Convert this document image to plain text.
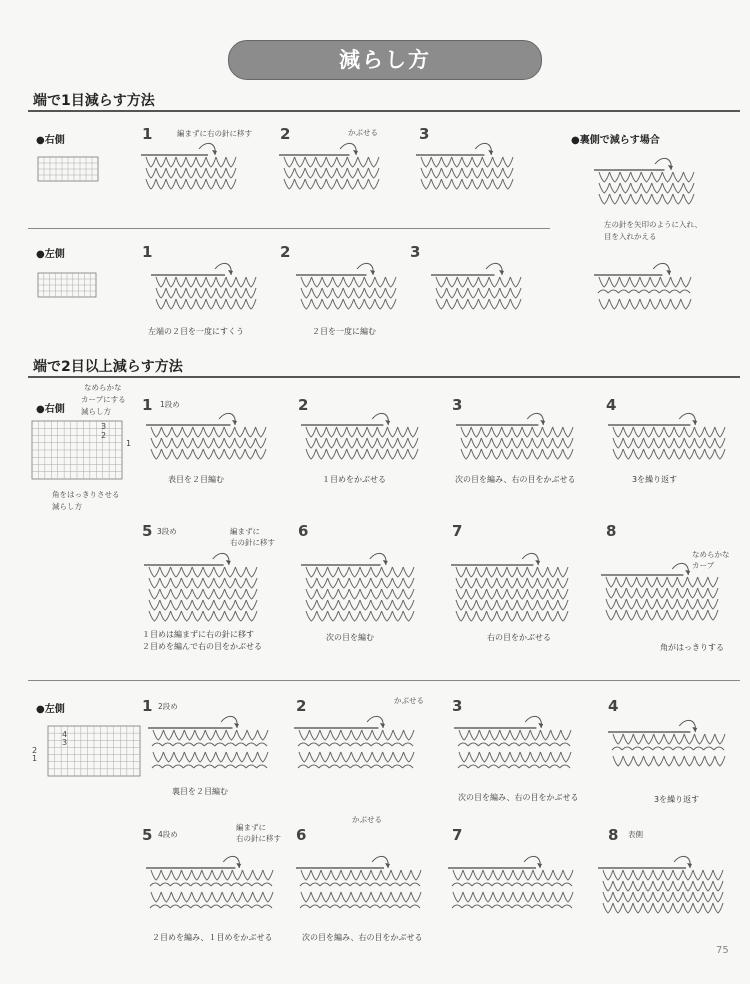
減らし方
端で1目減らす方法
●右側	1	編まずに右の針に移す 2	かぶせる	3	●裏側で減らす場合
左の針を矢印のように入れ、
目を入れかえる
●左側	1
左端の２目を一度にすくう
2
２目を一度に編む
3
端で2目以上減らす方法
●右側
なめらかな
カーブにする
減らし方
3
2
1
角をはっきりさせる
減らし方
1 1段め
表目を２目編む
2
１目めをかぶせる
3
次の目を編み、右の目をかぶせる
4
3を繰り返す
5 3段め	編まずに
右の針に移す
１目めは編まずに右の針に移す
２目めを編んで右の目をかぶせる
6
次の目を編む
7
右の目をかぶせる
8
なめらかな
カーブ
角がはっきりする
●左側
4
3
2
1
1 2段め
裏目を２目編む
2	かぶせる 3
次の目を編み、右の目をかぶせる
4
3を繰り返す
5 4段め
編まずに
右の針に移す
２目めを編み、１目めをかぶせる
6
かぶせる
次の目を編み、右の目をかぶせる
7	8 表側
75
